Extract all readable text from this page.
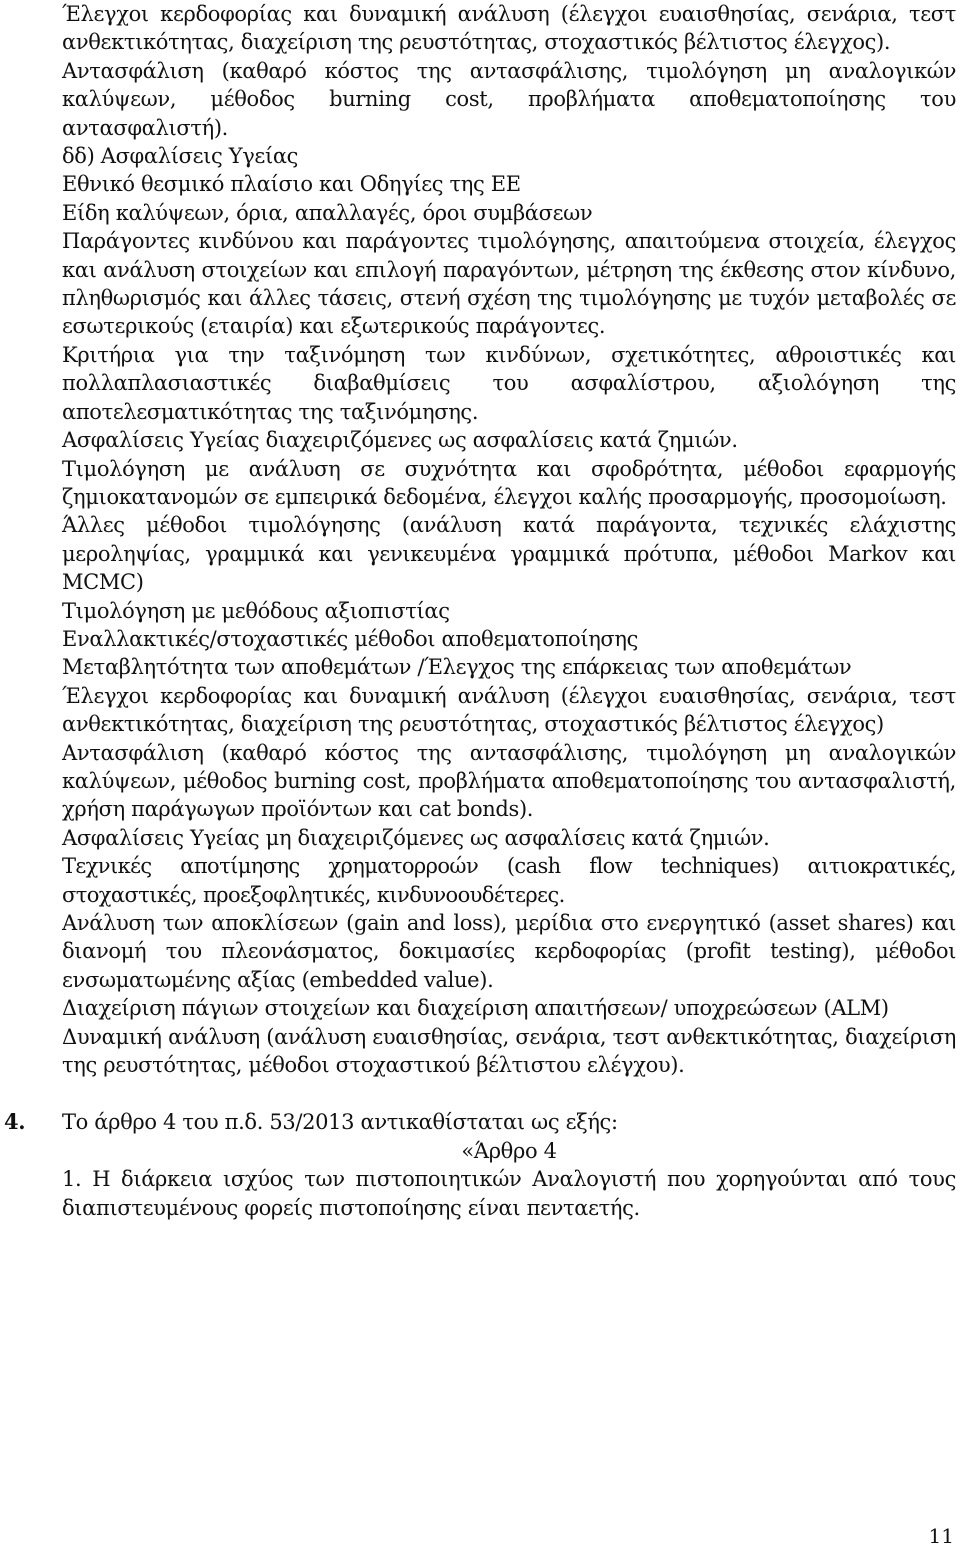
Έλεγχοι κερδοφορίας και δυναμική ανάλυση (έλεγχοι ευαισθησίας, σενάρια, τεστ ανθεκτικότητας, διαχείριση της ρευστότητας, στοχαστικός βέλτιστος έλεγχος).

Αντασφάλιση (καθαρό κόστος της αντασφάλισης, τιμολόγηση μη αναλογικών καλύψεων, μέθοδος burning cost, προβλήματα αποθεματοποίησης του αντασφαλιστή).

δδ) Ασφαλίσεις Υγείας

Εθνικό θεσμικό πλαίσιο και Οδηγίες της ΕΕ

Είδη καλύψεων, όρια, απαλλαγές, όροι συμβάσεων

Παράγοντες κινδύνου και παράγοντες τιμολόγησης, απαιτούμενα στοιχεία, έλεγχος και ανάλυση στοιχείων και επιλογή παραγόντων, μέτρηση της έκθεσης στον κίνδυνο, πληθωρισμός και άλλες τάσεις, στενή σχέση της τιμολόγησης με τυχόν μεταβολές σε εσωτερικούς (εταιρία) και εξωτερικούς παράγοντες.

Κριτήρια για την ταξινόμηση των κινδύνων, σχετικότητες, αθροιστικές και πολλαπλασιαστικές διαβαθμίσεις του ασφαλίστρου, αξιολόγηση της αποτελεσματικότητας της ταξινόμησης.

Ασφαλίσεις Υγείας διαχειριζόμενες ως ασφαλίσεις κατά ζημιών.

Τιμολόγηση με ανάλυση σε συχνότητα και σφοδρότητα, μέθοδοι εφαρμογής ζημιοκατανομών σε εμπειρικά δεδομένα, έλεγχοι καλής προσαρμογής, προσομοίωση.

Άλλες μέθοδοι τιμολόγησης (ανάλυση κατά παράγοντα, τεχνικές ελάχιστης μεροληψίας, γραμμικά και γενικευμένα γραμμικά πρότυπα, μέθοδοι Markov και MCMC)

Τιμολόγηση με μεθόδους αξιοπιστίας

Εναλλακτικές/στοχαστικές μέθοδοι αποθεματοποίησης

Μεταβλητότητα των αποθεμάτων /Έλεγχος της επάρκειας των αποθεμάτων

Έλεγχοι κερδοφορίας και δυναμική ανάλυση (έλεγχοι ευαισθησίας, σενάρια, τεστ ανθεκτικότητας, διαχείριση της ρευστότητας, στοχαστικός βέλτιστος έλεγχος)

Αντασφάλιση (καθαρό κόστος της αντασφάλισης, τιμολόγηση μη αναλογικών καλύψεων, μέθοδος burning cost, προβλήματα αποθεματοποίησης του αντασφαλιστή, χρήση παράγωγων προϊόντων και cat bonds).

Ασφαλίσεις Υγείας μη διαχειριζόμενες ως ασφαλίσεις κατά ζημιών.

Τεχνικές αποτίμησης χρηματορροών (cash flow techniques) αιτιοκρατικές, στοχαστικές, προεξοφλητικές, κινδυνοουδέτερες.

Ανάλυση των αποκλίσεων (gain and loss), μερίδια στο ενεργητικό (asset shares) και διανομή του πλεονάσματος, δοκιμασίες κερδοφορίας (profit testing), μέθοδοι ενσωματωμένης αξίας (embedded value).

Διαχείριση πάγιων στοιχείων και διαχείριση απαιτήσεων/ υποχρεώσεων (ALM)

Δυναμική ανάλυση (ανάλυση ευαισθησίας, σενάρια, τεστ ανθεκτικότητας, διαχείριση της ρευστότητας, μέθοδοι στοχαστικού βέλτιστου ελέγχου).

4. Το άρθρο 4 του π.δ. 53/2013 αντικαθίσταται ως εξής:

«Άρθρο 4

1. Η διάρκεια ισχύος των πιστοποιητικών Αναλογιστή που χορηγούνται από τους διαπιστευμένους φορείς πιστοποίησης είναι πενταετής.

11
